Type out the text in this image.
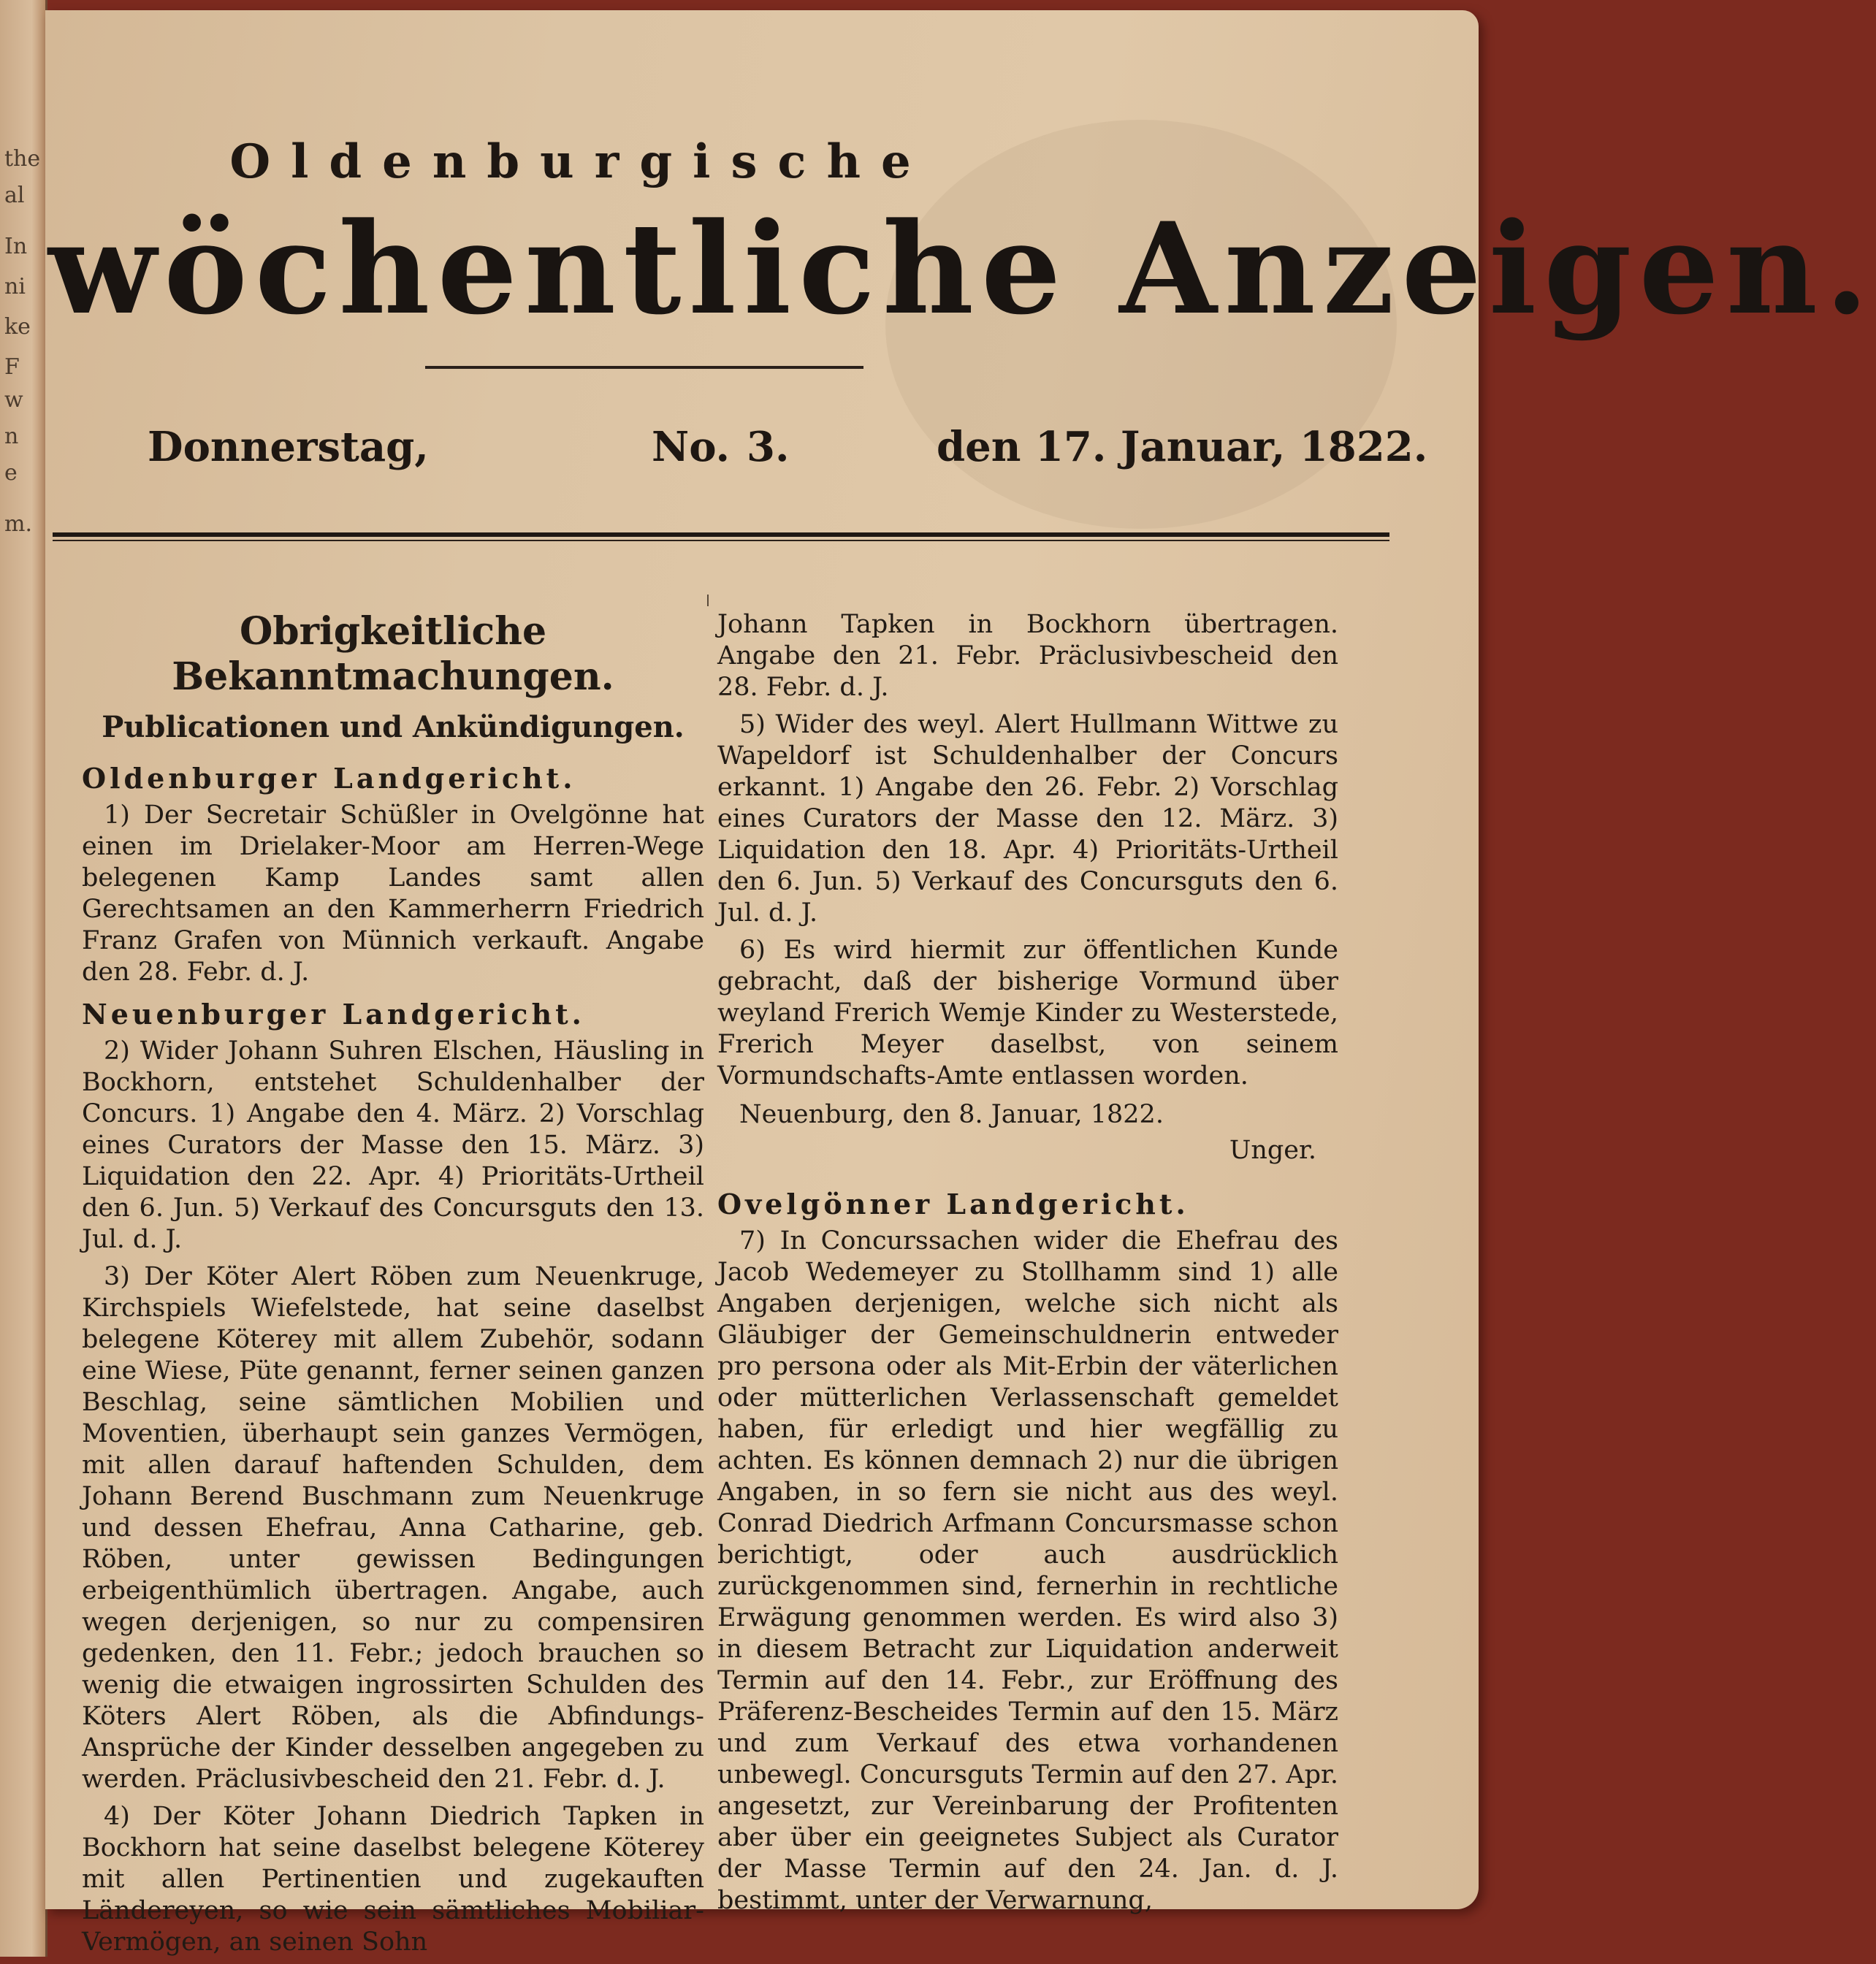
the
al
In
ni
ke
F
w
n
e
m.
Oldenburgische
wöchentliche Anzeigen.
Donnerstag,	No. 3.	den 17. Januar, 1822.
Obrigkeitliche Bekanntmachungen.
Publicationen und Ankündigungen.
Oldenburger Landgericht.

1) Der Secretair Schüßler in Ovelgönne hat einen im Drielaker-Moor am Herren-Wege belegenen Kamp Landes samt allen Gerechtsamen an den Kammerherrn Friedrich Franz Grafen von Münnich verkauft. Angabe den 28. Febr. d. J.

Neuenburger Landgericht.

2) Wider Johann Suhren Elschen, Häusling in Bockhorn, entstehet Schuldenhalber der Concurs. 1) Angabe den 4. März. 2) Vorschlag eines Curators der Masse den 15. März. 3) Liquidation den 22. Apr. 4) Prioritäts-Urtheil den 6. Jun. 5) Verkauf des Concursguts den 13. Jul. d. J.

3) Der Köter Alert Röben zum Neuenkruge, Kirchspiels Wiefelstede, hat seine daselbst belegene Köterey mit allem Zubehör, sodann eine Wiese, Püte genannt, ferner seinen ganzen Beschlag, seine sämtlichen Mobilien und Moventien, überhaupt sein ganzes Vermögen, mit allen darauf haftenden Schulden, dem Johann Berend Buschmann zum Neuenkruge und dessen Ehefrau, Anna Catharine, geb. Röben, unter gewissen Bedingungen erbeigenthümlich übertragen. Angabe, auch wegen derjenigen, so nur zu compensiren gedenken, den 11. Febr.; jedoch brauchen so wenig die etwaigen ingrossirten Schulden des Köters Alert Röben, als die Abfindungs-Ansprüche der Kinder desselben angegeben zu werden. Präclusivbescheid den 21. Febr. d. J.

4) Der Köter Johann Diedrich Tapken in Bockhorn hat seine daselbst belegene Köterey mit allen Pertinentien und zugekauften Ländereyen, so wie sein sämtliches Mobiliar-Vermögen, an seinen Sohn

Johann Tapken in Bockhorn übertragen. Angabe den 21. Febr. Präclusivbescheid den 28. Febr. d. J.

5) Wider des weyl. Alert Hullmann Wittwe zu Wapeldorf ist Schuldenhalber der Concurs erkannt. 1) Angabe den 26. Febr. 2) Vorschlag eines Curators der Masse den 12. März. 3) Liquidation den 18. Apr. 4) Prioritäts-Urtheil den 6. Jun. 5) Verkauf des Concursguts den 6. Jul. d. J.

6) Es wird hiermit zur öffentlichen Kunde gebracht, daß der bisherige Vormund über weyland Frerich Wemje Kinder zu Westerstede, Frerich Meyer daselbst, von seinem Vormundschafts-Amte entlassen worden.

Neuenburg, den 8. Januar, 1822.
Unger.
Ovelgönner Landgericht.

7) In Concurssachen wider die Ehefrau des Jacob Wedemeyer zu Stollhamm sind 1) alle Angaben derjenigen, welche sich nicht als Gläubiger der Gemeinschuldnerin entweder pro persona oder als Mit-Erbin der väterlichen oder mütterlichen Verlassenschaft gemeldet haben, für erledigt und hier wegfällig zu achten. Es können demnach 2) nur die übrigen Angaben, in so fern sie nicht aus des weyl. Conrad Diedrich Arfmann Concursmasse schon berichtigt, oder auch ausdrücklich zurückgenommen sind, fernerhin in rechtliche Erwägung genommen werden. Es wird also 3) in diesem Betracht zur Liquidation anderweit Termin auf den 14. Febr., zur Eröffnung des Präferenz-Bescheides Termin auf den 15. März und zum Verkauf des etwa vorhandenen unbewegl. Concursguts Termin auf den 27. Apr. angesetzt, zur Vereinbarung der Profitenten aber über ein geeignetes Subject als Curator der Masse Termin auf den 24. Jan. d. J. bestimmt, unter der Verwarnung,
